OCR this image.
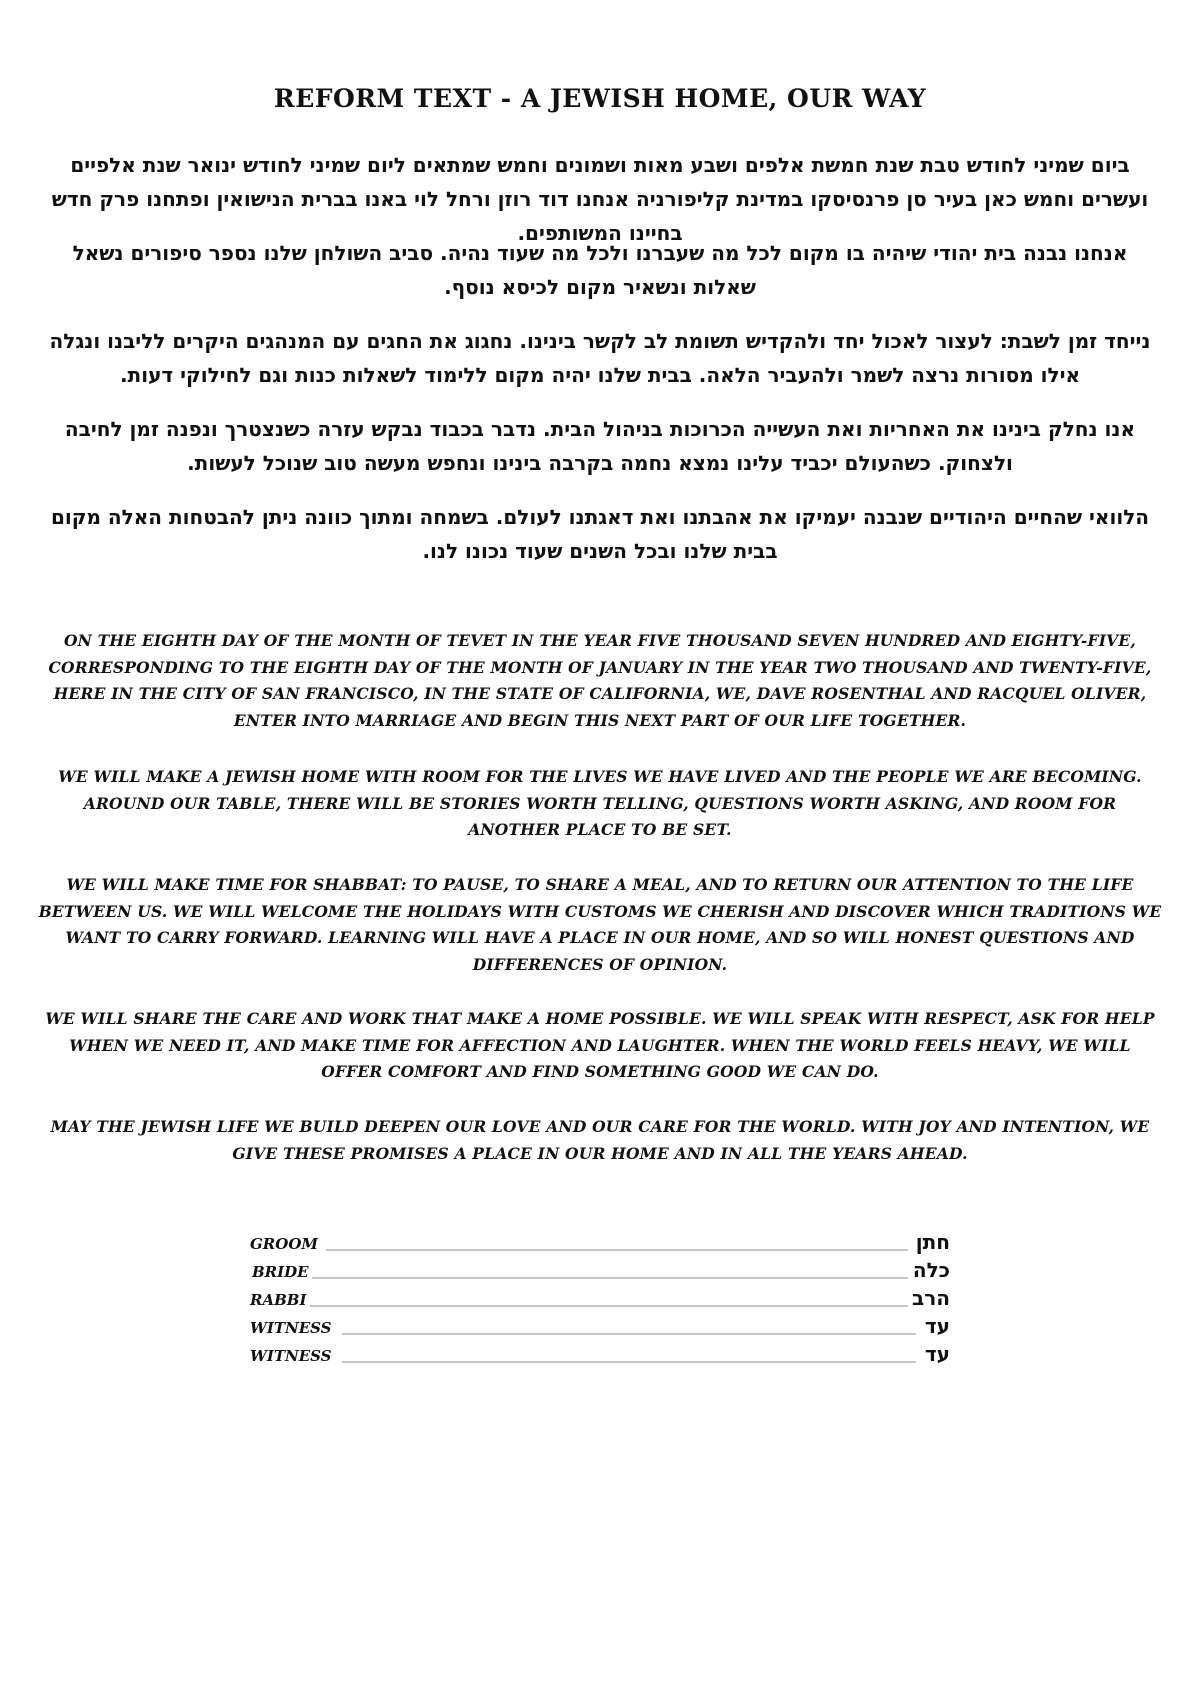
REFORM TEXT - A JEWISH HOME, OUR WAY
ביום שמיני לחודש טבת שנת חמשת אלפים ושבע מאות ושמונים וחמש שמתאים ליום שמיני לחודש ינואר שנת אלפיים ועשרים וחמש כאן בעיר סן פרנסיסקו במדינת קליפורניה אנחנו דוד רוזן ורחל לוי באנו בברית הנישואין ופתחנו פרק חדש בחיינו המשותפים.
אנחנו נבנה בית יהודי שיהיה בו מקום לכל מה שעברנו ולכל מה שעוד נהיה. סביב השולחן שלנו נספר סיפורים נשאל שאלות ונשאיר מקום לכיסא נוסף.
נייחד זמן לשבת: לעצור לאכול יחד ולהקדיש תשומת לב לקשר בינינו. נחגוג את החגים עם המנהגים היקרים לליבנו ונגלה אילו מסורות נרצה לשמר ולהעביר הלאה. בבית שלנו יהיה מקום ללימוד לשאלות כנות וגם לחילוקי דעות.
אנו נחלק בינינו את האחריות ואת העשייה הכרוכות בניהול הבית. נדבר בכבוד נבקש עזרה כשנצטרך ונפנה זמן לחיבה ולצחוק. כשהעולם יכביד עלינו נמצא נחמה בקרבה בינינו ונחפש מעשה טוב שנוכל לעשות.
הלוואי שהחיים היהודיים שנבנה יעמיקו את אהבתנו ואת דאגתנו לעולם. בשמחה ומתוך כוונה ניתן להבטחות האלה מקום בבית שלנו ובכל השנים שעוד נכונו לנו.
ON THE EIGHTH DAY OF THE MONTH OF TEVET IN THE YEAR FIVE THOUSAND SEVEN HUNDRED AND EIGHTY-FIVE, CORRESPONDING TO THE EIGHTH DAY OF THE MONTH OF JANUARY IN THE YEAR TWO THOUSAND AND TWENTY-FIVE, HERE IN THE CITY OF SAN FRANCISCO, IN THE STATE OF CALIFORNIA, WE, DAVE ROSENTHAL AND RACQUEL OLIVER, ENTER INTO MARRIAGE AND BEGIN THIS NEXT PART OF OUR LIFE TOGETHER.
WE WILL MAKE A JEWISH HOME WITH ROOM FOR THE LIVES WE HAVE LIVED AND THE PEOPLE WE ARE BECOMING. AROUND OUR TABLE, THERE WILL BE STORIES WORTH TELLING, QUESTIONS WORTH ASKING, AND ROOM FOR ANOTHER PLACE TO BE SET.
WE WILL MAKE TIME FOR SHABBAT: TO PAUSE, TO SHARE A MEAL, AND TO RETURN OUR ATTENTION TO THE LIFE BETWEEN US. WE WILL WELCOME THE HOLIDAYS WITH CUSTOMS WE CHERISH AND DISCOVER WHICH TRADITIONS WE WANT TO CARRY FORWARD. LEARNING WILL HAVE A PLACE IN OUR HOME, AND SO WILL HONEST QUESTIONS AND DIFFERENCES OF OPINION.
WE WILL SHARE THE CARE AND WORK THAT MAKE A HOME POSSIBLE. WE WILL SPEAK WITH RESPECT, ASK FOR HELP WHEN WE NEED IT, AND MAKE TIME FOR AFFECTION AND LAUGHTER. WHEN THE WORLD FEELS HEAVY, WE WILL OFFER COMFORT AND FIND SOMETHING GOOD WE CAN DO.
MAY THE JEWISH LIFE WE BUILD DEEPEN OUR LOVE AND OUR CARE FOR THE WORLD. WITH JOY AND INTENTION, WE GIVE THESE PROMISES A PLACE IN OUR HOME AND IN ALL THE YEARS AHEAD.
GROOM	חתן
BRIDE	כלה
RABBI	הרב
WITNESS	עד
WITNESS	עד
